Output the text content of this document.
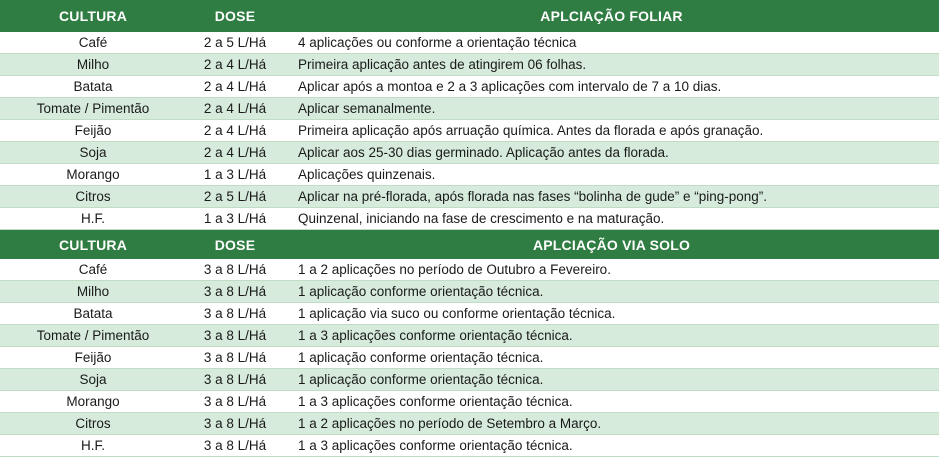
CULTURA	DOSE	APLCIAÇÃO FOLIAR
Café	2 a 5 L/Há	4 aplicações ou conforme a orientação técnica
Milho	2 a 4 L/Há	Primeira aplicação antes de atingirem 06 folhas.
Batata	2 a 4 L/Há	Aplicar após a montoa e 2 a 3 aplicações com intervalo de 7 a 10 dias.
Tomate / Pimentão	2 a 4 L/Há	Aplicar semanalmente.
Feijão	2 a 4 L/Há	Primeira aplicação após arruação química. Antes da florada e após granação.
Soja	2 a 4 L/Há	Aplicar aos 25-30 dias germinado. Aplicação antes da florada.
Morango	1 a 3 L/Há	Aplicações quinzenais.
Citros	2 a 5 L/Há	Aplicar na pré-florada, após florada nas fases “bolinha de gude” e “ping-pong”.
H.F.	1 a 3 L/Há	Quinzenal, iniciando na fase de crescimento e na maturação.
CULTURA	DOSE	APLCIAÇÃO VIA SOLO
Café	3 a 8 L/Há	1 a 2 aplicações no período de Outubro a Fevereiro.
Milho	3 a 8 L/Há	1 aplicação conforme orientação técnica.
Batata	3 a 8 L/Há	1 aplicação via suco ou conforme orientação técnica.
Tomate / Pimentão	3 a 8 L/Há	1 a 3 aplicações conforme orientação técnica.
Feijão	3 a 8 L/Há	1 aplicação conforme orientação técnica.
Soja	3 a 8 L/Há	1 aplicação conforme orientação técnica.
Morango	3 a 8 L/Há	1 a 3 aplicações conforme orientação técnica.
Citros	3 a 8 L/Há	1 a 2 aplicações no período de Setembro a Março.
H.F.	3 a 8 L/Há	1 a 3 aplicações conforme orientação técnica.
